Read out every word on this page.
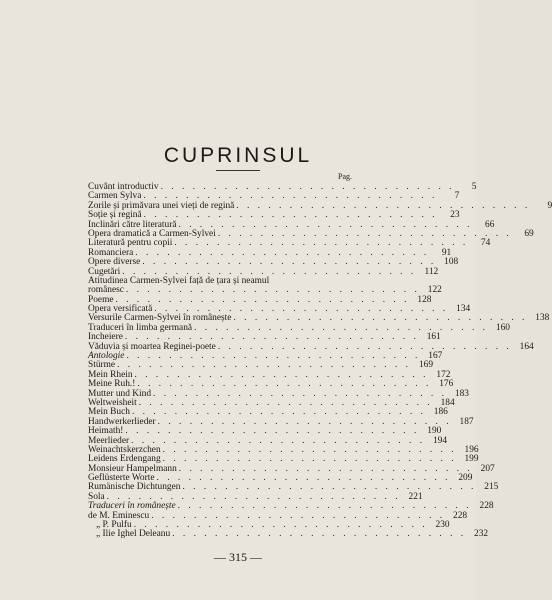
CUPRINSUL
Pag.
Cuvânt introductiv . . . . . . . . . . . . . . . . . . . . . . . . . . . .	5
Carmen Sylva . . . . . . . . . . . . . . . . . . . . . . . . . . . .	7
Zorile și primăvara unei vieți de regină . . . . . . . . . . . . . . . . . . . . . . . . . . . .	9
Soție și regină . . . . . . . . . . . . . . . . . . . . . . . . . . . .	23
Inclinări către literatură . . . . . . . . . . . . . . . . . . . . . . . . . . . .	66
Opera dramatică a Carmen-Sylvei . . . . . . . . . . . . . . . . . . . . . . . . . . . .	69
Literatură pentru copii . . . . . . . . . . . . . . . . . . . . . . . . . . . .	74
Romanciera . . . . . . . . . . . . . . . . . . . . . . . . . . . .	91
Opere diverse . . . . . . . . . . . . . . . . . . . . . . . . . . . . 108
Cugetări . . . . . . . . . . . . . . . . . . . . . . . . . . . . 112
Atitudinea Carmen-Sylvei față de țara și neamul
românesc . . . . . . . . . . . . . . . . . . . . . . . . . . . . 122
Poeme . . . . . . . . . . . . . . . . . . . . . . . . . . . . 128
Opera versificată . . . . . . . . . . . . . . . . . . . . . . . . . . . . 134
Versurile Carmen-Sylvei în românește . . . . . . . . . . . . . . . . . . . . . . . . . . . . 138
Traduceri în limba germană . . . . . . . . . . . . . . . . . . . . . . . . . . . . 160
Incheiere . . . . . . . . . . . . . . . . . . . . . . . . . . . . 161
Văduvia și moartea Reginei-poete . . . . . . . . . . . . . . . . . . . . . . . . . . . . 164
Antologie . . . . . . . . . . . . . . . . . . . . . . . . . . . . 167
Stürme . . . . . . . . . . . . . . . . . . . . . . . . . . . . 169
Mein Rhein . . . . . . . . . . . . . . . . . . . . . . . . . . . . 172
Meine Ruh.! . . . . . . . . . . . . . . . . . . . . . . . . . . . . 176
Mutter und Kind . . . . . . . . . . . . . . . . . . . . . . . . . . . . 183
Weltweisheit . . . . . . . . . . . . . . . . . . . . . . . . . . . . 184
Mein Buch . . . . . . . . . . . . . . . . . . . . . . . . . . . . 186
Handwerkerlieder . . . . . . . . . . . . . . . . . . . . . . . . . . . . 187
Heimath! . . . . . . . . . . . . . . . . . . . . . . . . . . . . 190
Meerlieder . . . . . . . . . . . . . . . . . . . . . . . . . . . . 194
Weinachtskerzchen . . . . . . . . . . . . . . . . . . . . . . . . . . . . 196
Leidens Erdengang . . . . . . . . . . . . . . . . . . . . . . . . . . . . 199
Monsieur Hampelmann . . . . . . . . . . . . . . . . . . . . . . . . . . . . 207
Geflüsterte Worte . . . . . . . . . . . . . . . . . . . . . . . . . . . . 209
Rumänische Dichtungen . . . . . . . . . . . . . . . . . . . . . . . . . . . . 215
Sola . . . . . . . . . . . . . . . . . . . . . . . . . . . . 221
Traduceri în românește . . . . . . . . . . . . . . . . . . . . . . . . . . . . 228
de M. Eminescu . . . . . . . . . . . . . . . . . . . . . . . . . . . . 228
„ P. Pulfu . . . . . . . . . . . . . . . . . . . . . . . . . . . . 230
„ Ilie Ighel Deleanu . . . . . . . . . . . . . . . . . . . . . . . . . . . . 232
— 315 —
